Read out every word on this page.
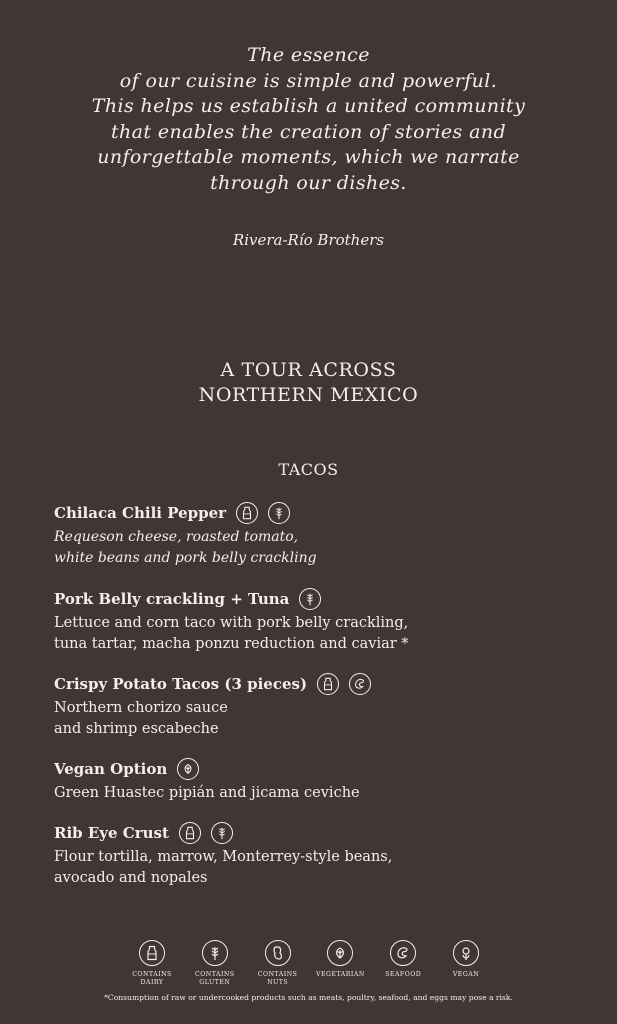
The essence
of our cuisine is simple and powerful.
This helps us establish a united community
that enables the creation of stories and
unforgettable moments, which we narrate
through our dishes.
Rivera-Río Brothers
A TOUR ACROSS
NORTHERN MEXICO
TACOS
Chilaca Chili Pepper
Requeson cheese, roasted tomato,
white beans and pork belly crackling
Pork Belly crackling + Tuna
Lettuce and corn taco with pork belly crackling,
tuna tartar, macha ponzu reduction and caviar *
Crispy Potato Tacos (3 pieces)
Northern chorizo sauce
and shrimp escabeche
Vegan Option
Green Huastec pipián and jicama ceviche
Rib Eye Crust
Flour tortilla, marrow, Monterrey-style beans,
avocado and nopales
CONTAINS
DAIRY
CONTAINS
GLUTEN
CONTAINS
NUTS
VEGETARIAN	SEAFOOD	VEGAN
*Consumption of raw or undercooked products such as meats, poultry, seafood, and eggs may pose a risk.
